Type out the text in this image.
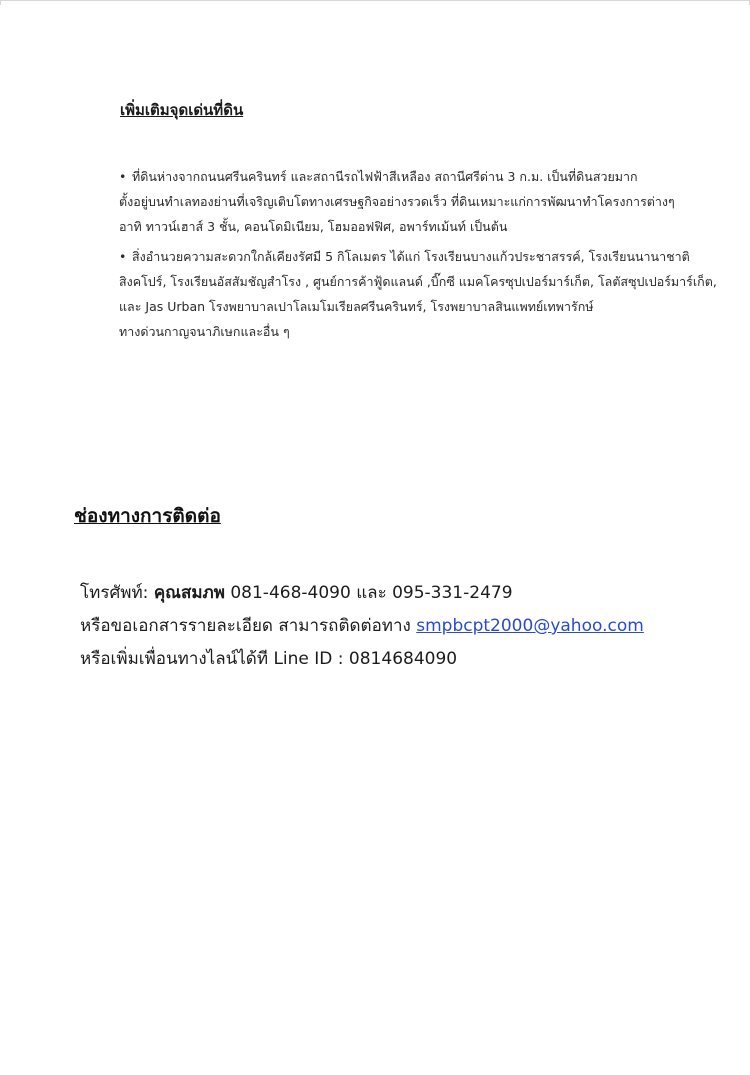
เพิ่มเติมจุดเด่นที่ดิน
• ที่ดินห่างจากถนนศรีนครินทร์ และสถานีรถไฟฟ้าสีเหลือง สถานีศรีด่าน 3 ก.ม. เป็นที่ดินสวยมาก
ตั้งอยู่บนทำเลทองย่านที่เจริญเติบโตทางเศรษฐกิจอย่างรวดเร็ว ที่ดินเหมาะแก่การพัฒนาทำโครงการต่างๆ
อาทิ ทาวน์เฮาส์ 3 ชั้น, คอนโดมิเนียม, โฮมออฟฟิศ, อพาร์ทเม้นท์ เป็นต้น
• สิ่งอำนวยความสะดวกใกล้เคียงรัศมี 5 กิโลเมตร ได้แก่ โรงเรียนบางแก้วประชาสรรค์, โรงเรียนนานาชาติ
สิงคโปร์, โรงเรียนอัสสัมชัญสำโรง , ศูนย์การค้าฟู้ดแลนด์ ,บิ๊กซี แมคโครซุปเปอร์มาร์เก็ต, โลตัสซุปเปอร์มาร์เก็ต,
และ Jas Urban โรงพยาบาลเปาโลเมโมเรียลศรีนครินทร์, โรงพยาบาลสินแพทย์เทพารักษ์
ทางด่วนกาญจนาภิเษกและอื่น ๆ
ช่องทางการติดต่อ
โทรศัพท์: คุณสมภพ 081-468-4090 และ 095-331-2479
หรือขอเอกสารรายละเอียด สามารถติดต่อทาง smpbcpt2000@yahoo.com
หรือเพิ่มเพื่อนทางไลน์ได้ที Line ID : 0814684090
